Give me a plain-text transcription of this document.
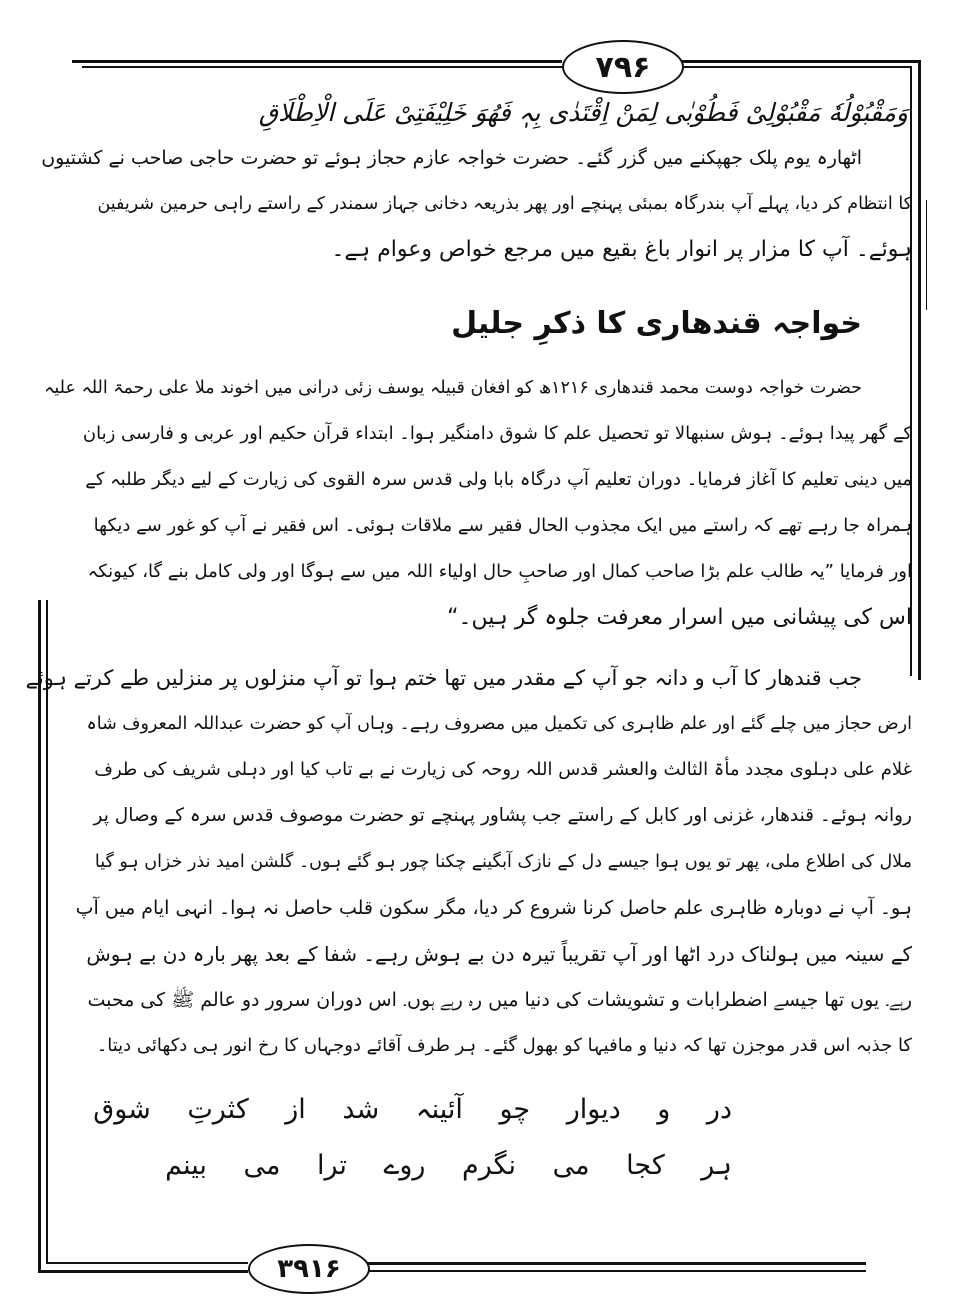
۷۹۶
وَمَقْبُوْلُهٗ مَقْبُوْلِیْ فَطُوْبٰی لِمَنْ اِقْتَدٰی بِہٖ فَھُوَ خَلِیْفَتِیْ عَلَی الْاِطْلَاقِ
اٹھارہ یوم پلک جھپکنے میں گزر گئے۔ حضرت خواجہ عازم حجاز ہوئے تو حضرت حاجی صاحب نے کشتیوں
کا انتظام کر دیا، پہلے آپ بندرگاہ بمبئی پہنچے اور پھر بذریعہ دخانی جہاز سمندر کے راستے راہی حرمین شریفین
ہوئے۔ آپ کا مزار پر انوار باغ بقیع میں مرجع خواص وعوام ہے۔
خواجہ قندھاری کا ذکرِ جلیل
حضرت خواجہ دوست محمد قندھاری ۱۲۱۶ھ کو افغان قبیلہ یوسف زئی درانی میں اخوند ملا علی رحمۃ اللہ علیہ
کے گھر پیدا ہوئے۔ ہوش سنبھالا تو تحصیل علم کا شوق دامنگیر ہوا۔ ابتداء قرآن حکیم اور عربی و فارسی زبان
میں دینی تعلیم کا آغاز فرمایا۔ دوران تعلیم آپ درگاہ بابا ولی قدس سرہ القوی کی زیارت کے لیے دیگر طلبہ کے
ہمراہ جا رہے تھے کہ راستے میں ایک مجذوب الحال فقیر سے ملاقات ہوئی۔ اس فقیر نے آپ کو غور سے دیکھا
اور فرمایا ”یہ طالب علم بڑا صاحب کمال اور صاحبِ حال اولیاء اللہ میں سے ہوگا اور ولی کامل بنے گا، کیونکہ
اس کی پیشانی میں اسرار معرفت جلوہ گر ہیں۔“
جب قندھار کا آب و دانہ جو آپ کے مقدر میں تھا ختم ہوا تو آپ منزلوں پر منزلیں طے کرتے ہوئے
ارض حجاز میں چلے گئے اور علم ظاہری کی تکمیل میں مصروف رہے۔ وہاں آپ کو حضرت عبداللہ المعروف شاہ
غلام علی دہلوی مجدد مأۃ الثالث والعشر قدس اللہ روحہ کی زیارت نے بے تاب کیا اور دہلی شریف کی طرف
روانہ ہوئے۔ قندھار، غزنی اور کابل کے راستے جب پشاور پہنچے تو حضرت موصوف قدس سرہ کے وصال پر
ملال کی اطلاع ملی، پھر تو یوں ہوا جیسے دل کے نازک آبگینے چکنا چور ہو گئے ہوں۔ گلشن امید نذر خزاں ہو گیا
ہو۔ آپ نے دوبارہ ظاہری علم حاصل کرنا شروع کر دیا، مگر سکون قلب حاصل نہ ہوا۔ انہی ایام میں آپ
کے سینہ میں ہولناک درد اٹھا اور آپ تقریباً تیرہ دن بے ہوش رہے۔ شفا کے بعد پھر بارہ دن بے ہوش
رہے۔ یوں تھا جیسے اضطرابات و تشویشات کی دنیا میں رہ رہے ہوں۔ اس دوران سرور دو عالم ﷺ کی محبت
کا جذبہ اس قدر موجزن تھا کہ دنیا و مافیہا کو بھول گئے۔ ہر طرف آقائے دوجہاں کا رخ انور ہی دکھائی دیتا۔
در و دیوار چو آئینہ شد از کثرتِ شوق
ہر کجا می نگرم روے ترا می بینم
۳۹۱۶
